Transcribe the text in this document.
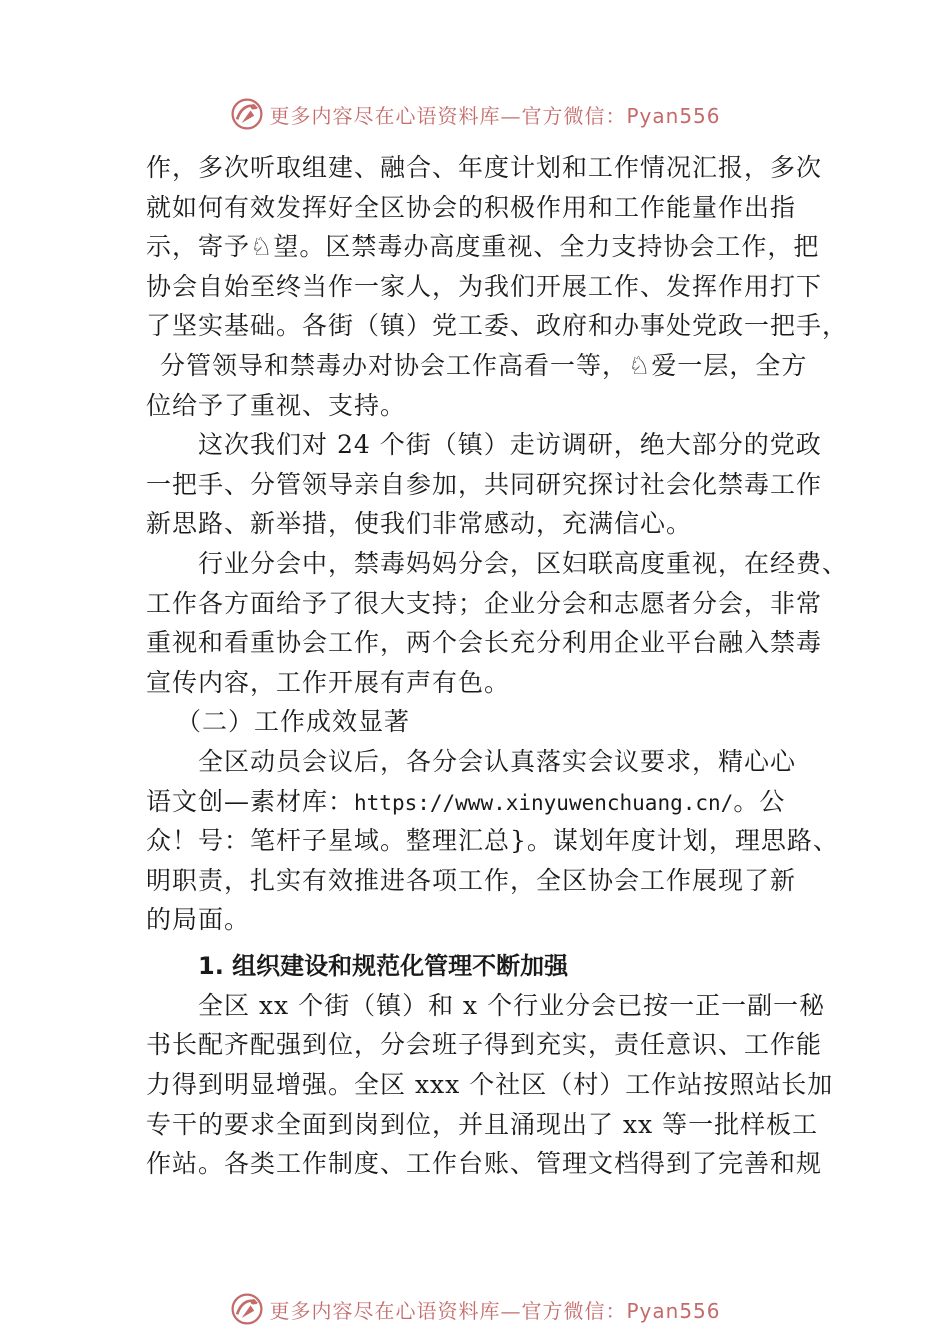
更多内容尽在心语资料库—官方微信：Pyan556
作，多次听取组建、融合、年度计划和工作情况汇报，多次
就如何有效发挥好全区协会的积极作用和工作能量作出指
示，寄予♘望。区禁毒办高度重视、全力支持协会工作，把
协会自始至终当作一家人，为我们开展工作、发挥作用打下
了坚实基础。各街（镇）党工委、政府和办事处党政一把手，
分管领导和禁毒办对协会工作高看一等，♘爱一层，全方
位给予了重视、支持。
这次我们对 24 个街（镇）走访调研，绝大部分的党政
一把手、分管领导亲自参加，共同研究探讨社会化禁毒工作
新思路、新举措，使我们非常感动，充满信心。
行业分会中，禁毒妈妈分会，区妇联高度重视，在经费、
工作各方面给予了很大支持；企业分会和志愿者分会，非常
重视和看重协会工作，两个会长充分利用企业平台融入禁毒
宣传内容，工作开展有声有色。
（二）工作成效显著
全区动员会议后，各分会认真落实会议要求，精心心
语文创—素材库：https://www.xinyuwenchuang.cn/。公
众！号：笔杆子星域。整理汇总}。谋划年度计划，理思路、
明职责，扎实有效推进各项工作，全区协会工作展现了新
的局面。
1. 组织建设和规范化管理不断加强
全区 xx 个街（镇）和 x 个行业分会已按一正一副一秘
书长配齐配强到位，分会班子得到充实，责任意识、工作能
力得到明显增强。全区 xxx 个社区（村）工作站按照站长加
专干的要求全面到岗到位，并且涌现出了 xx 等一批样板工
作站。各类工作制度、工作台账、管理文档得到了完善和规
更多内容尽在心语资料库—官方微信：Pyan556
